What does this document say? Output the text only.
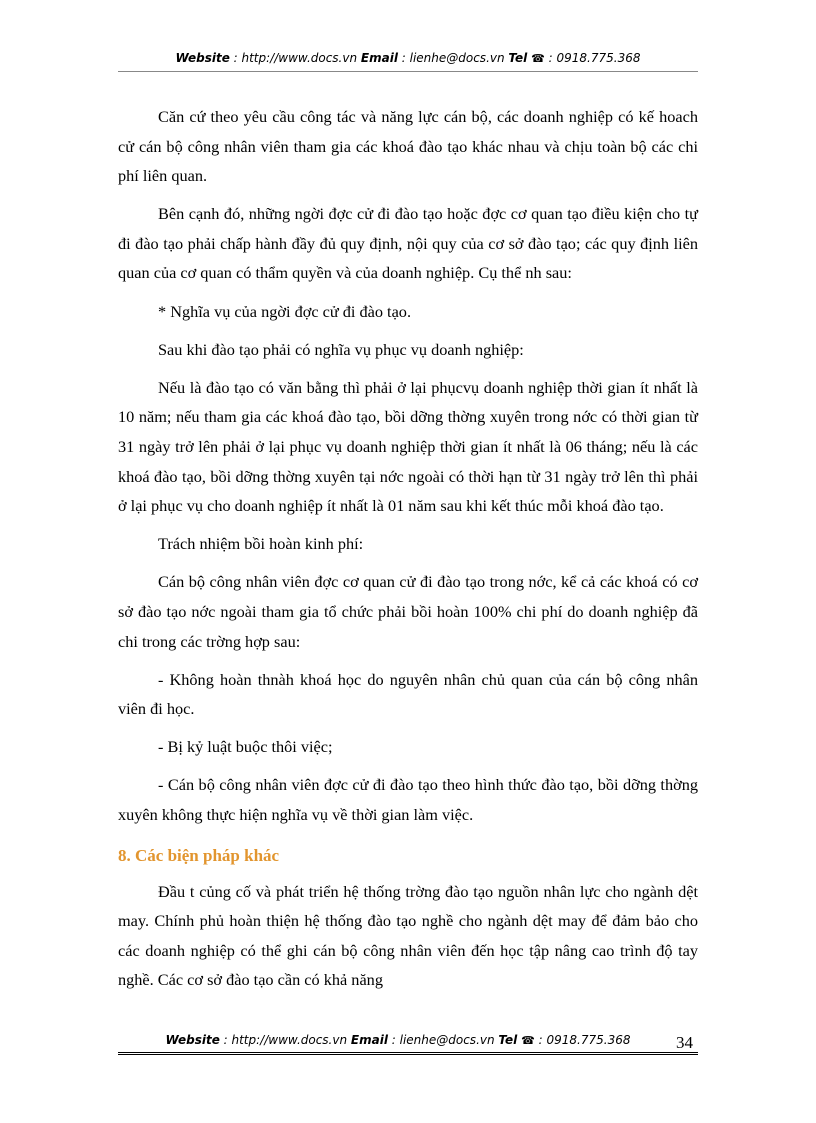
Website : http://www.docs.vn Email : lienhe@docs.vn Tel ☎ : 0918.775.368

Căn cứ theo yêu cầu công tác và năng lực cán bộ, các doanh nghiệp có kế hoach cử cán bộ công nhân viên tham gia các khoá đào tạo khác nhau và chịu toàn bộ các chi phí liên quan.

Bên cạnh đó, những ngời đợc cử đi đào tạo hoặc đợc cơ quan tạo điều kiện cho tự đi đào tạo phải chấp hành đầy đủ quy định, nội quy của cơ sở đào tạo; các quy định liên quan của cơ quan có thẩm quyền và của doanh nghiệp. Cụ thể nh sau:

* Nghĩa vụ của ngời đợc cử đi đào tạo.

Sau khi đào tạo phải có nghĩa vụ phục vụ doanh nghiệp:

Nếu là đào tạo có văn bằng thì phải ở lại phụcvụ doanh nghiệp thời gian ít nhất là 10 năm; nếu tham gia các khoá đào tạo, bồi dỡng thờng xuyên trong nớc có thời gian từ 31 ngày trở lên phải ở lại phục vụ doanh nghiệp thời gian ít nhất là 06 tháng; nếu là các khoá đào tạo, bồi dỡng thờng xuyên tại nớc ngoài có thời hạn từ 31 ngày trở lên thì phải ở lại phục vụ cho doanh nghiệp ít nhất là 01 năm sau khi kết thúc mỗi khoá đào tạo.

Trách nhiệm bồi hoàn kinh phí:

Cán bộ công nhân viên đợc cơ quan cử đi đào tạo trong nớc, kể cả các khoá có cơ sở đào tạo nớc ngoài tham gia tổ chức phải bồi hoàn 100% chi phí do doanh nghiệp đã chi trong các trờng hợp sau:

- Không hoàn thnàh khoá học do nguyên nhân chủ quan của cán bộ công nhân viên đi học.

- Bị kỷ luật buộc thôi việc;

- Cán bộ công nhân viên đợc cử đi đào tạo theo hình thức đào tạo, bồi dỡng thờng xuyên không thực hiện nghĩa vụ về thời gian làm việc.

8. Các biện pháp khác

Đầu t củng cố và phát triển hệ thống trờng đào tạo nguồn nhân lực cho ngành dệt may. Chính phủ hoàn thiện hệ thống đào tạo nghề cho ngành dệt may để đảm bảo cho các doanh nghiệp có thể ghi cán bộ công nhân viên đến học tập nâng cao trình độ tay nghề. Các cơ sở đào tạo cần có khả năng

Website : http://www.docs.vn Email : lienhe@docs.vn Tel ☎ : 0918.775.368	34
